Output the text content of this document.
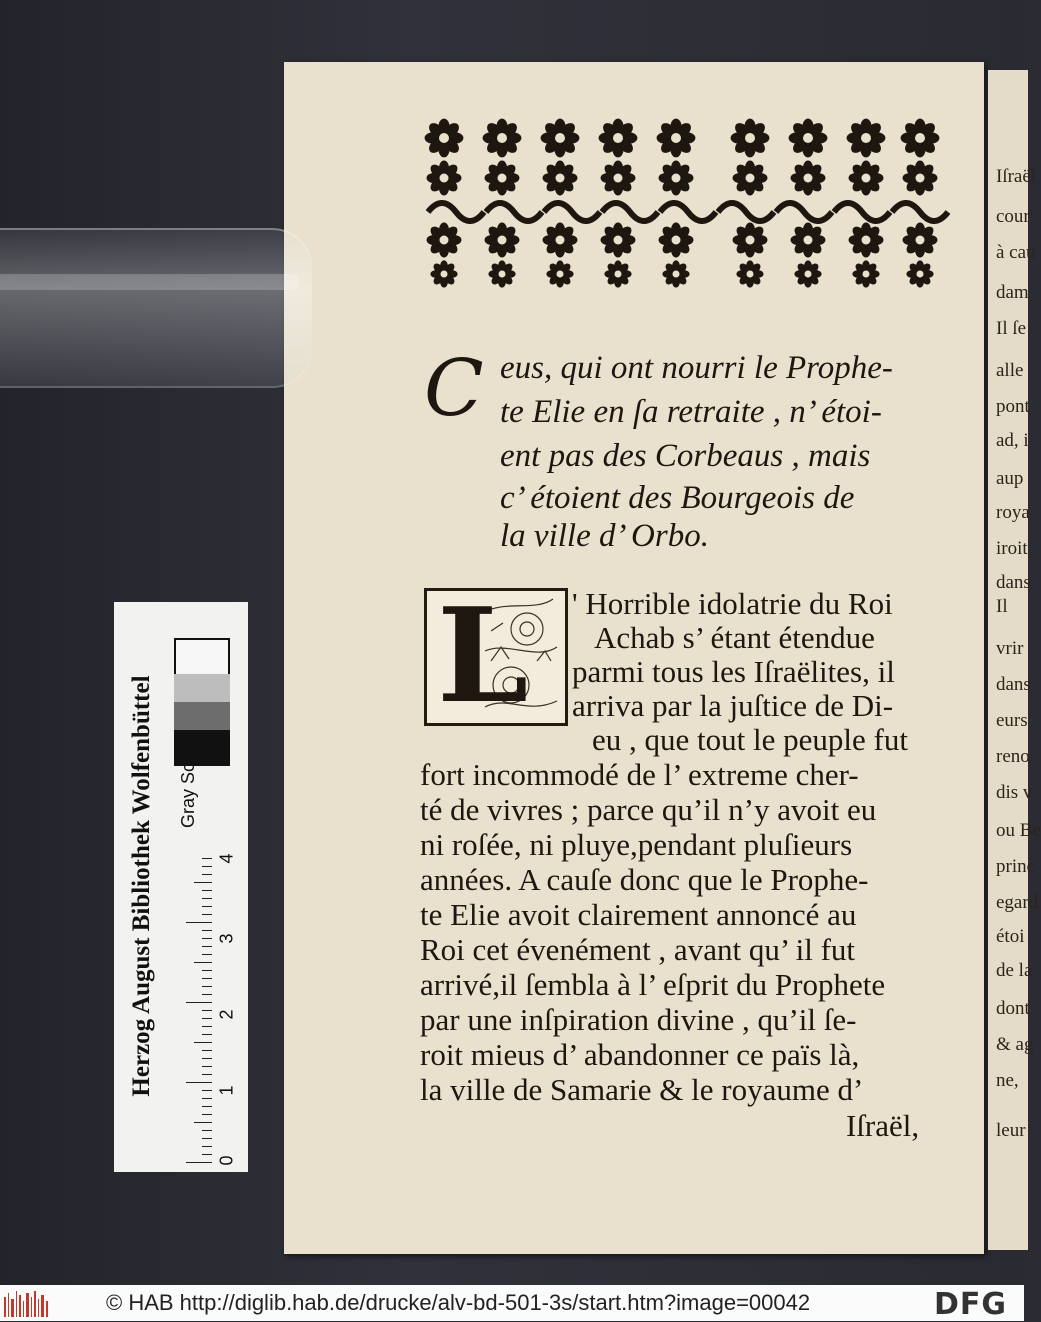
Iſraël
cour
à cau
dam
Il ſe
alle
pont
ad, i
aup
roya
iroit
dans
Il
vrir
dans
eurs
reno
dis v
ou Be
princ
egard
étoi
de la
dont
& ag
ne,
leur
C eus, qui ont nourri le Prophe-
te Elie en ſa retraite , n’ étoi-
ent pas des Corbeaus , mais
c’ étoient des Bourgeois de
la ville d’ Orbo.
L ' Horrible idolatrie du Roi
Achab s’ étant étendue
parmi tous les Iſraëlites, il
arriva par la juſtice de Di-
eu , que tout le peuple fut
fort incommodé de l’ extreme cher-
té de vivres ; parce qu’il n’y avoit eu
ni roſée, ni pluye,pendant pluſieurs
années. A cauſe donc que le Prophe-
te Elie avoit clairement annoncé au
Roi cet évenément , avant qu’ il fut
arrivé,il ſembla à l’ eſprit du Prophete
par une inſpiration divine , qu’il ſe-
roit mieus d’ abandonner ce païs là,
la ville de Samarie & le royaume d’
Iſraël,
Herzog August Bibliothek Wolfenbüttel Gray Scale
4
3
2
1
0
© HAB http://diglib.hab.de/drucke/alv-bd-501-3s/start.htm?image=00042	DFG
